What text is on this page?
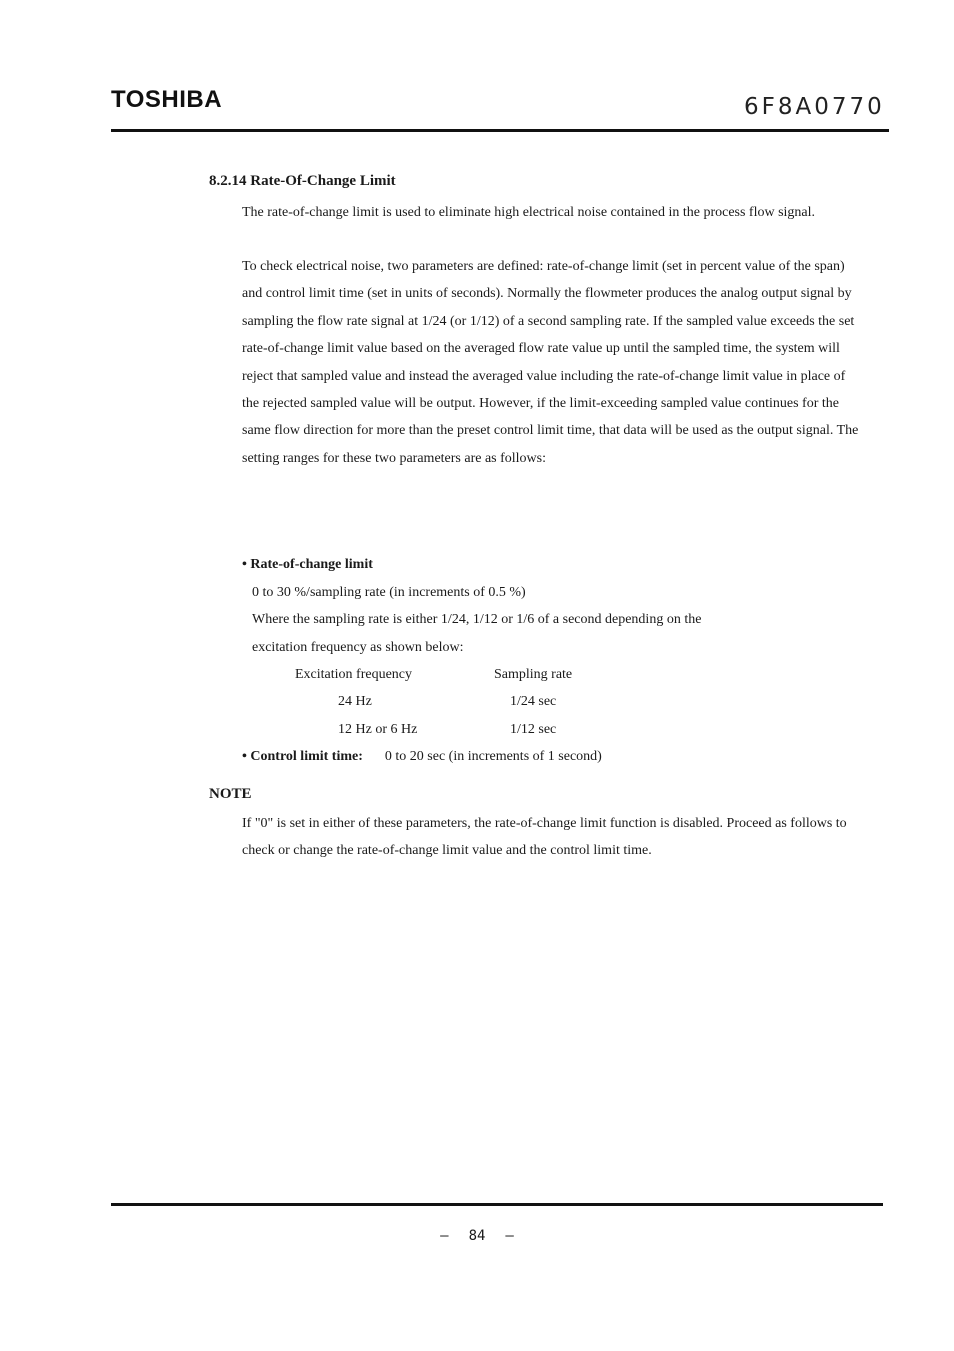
TOSHIBA	6F8A0770
8.2.14 Rate-Of-Change Limit

The rate-of-change limit is used to eliminate high electrical noise contained in the process flow signal.

To check electrical noise, two parameters are defined: rate-of-change limit (set in percent value of the span) and control limit time (set in units of seconds). Normally the flowmeter produces the analog output signal by sampling the flow rate signal at 1/24 (or 1/12) of a second sampling rate. If the sampled value exceeds the set rate-of-change limit value based on the averaged flow rate value up until the sampled time, the system will reject that sampled value and instead the averaged value including the rate-of-change limit value in place of the rejected sampled value will be output. However, if the limit-exceeding sampled value continues for the same flow direction for more than the preset control limit time, that data will be used as the output signal. The setting ranges for these two parameters are as follows:

• Rate-of-change limit
0 to 30 %/sampling rate (in increments of 0.5 %)
Where the sampling rate is either 1/24, 1/12 or 1/6 of a second depending on the
excitation frequency as shown below:
Excitation frequency	Sampling rate
24 Hz	1/24 sec
12 Hz or 6 Hz	1/12 sec
• Control limit time: 0 to 20 sec (in increments of 1 second)
NOTE

If "0" is set in either of these parameters, the rate-of-change limit function is disabled. Proceed as follows to check or change the rate-of-change limit value and the control limit time.

– 84 –
